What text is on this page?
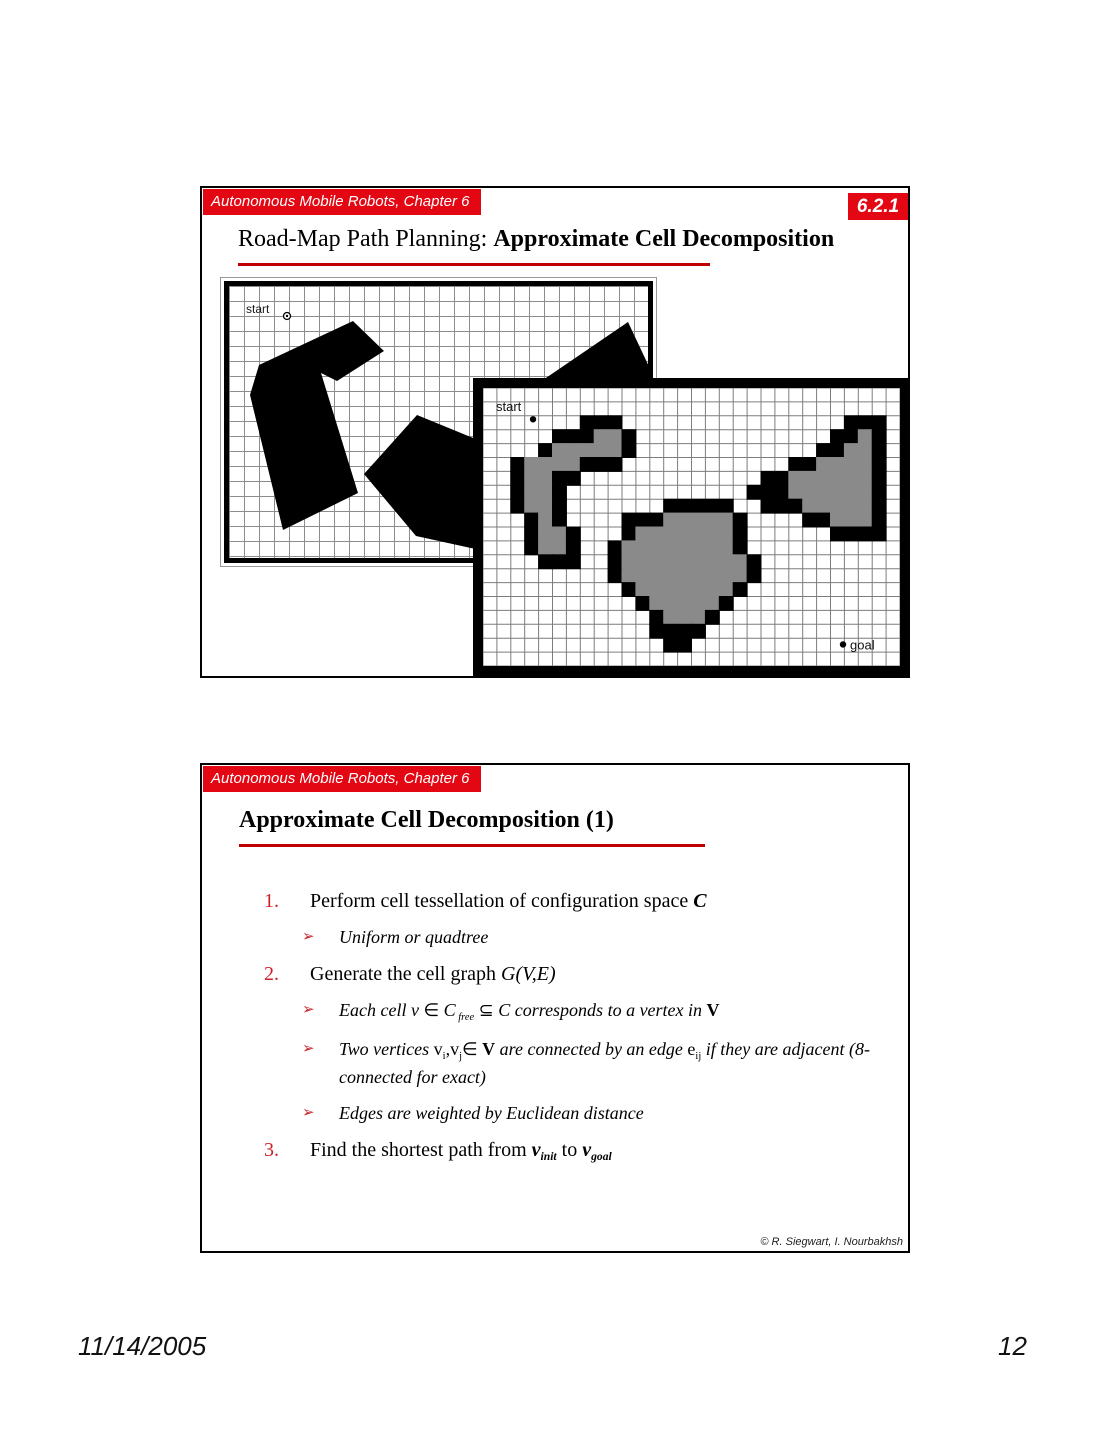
Autonomous Mobile Robots, Chapter 6	6.2.1
Road-Map Path Planning: Approximate Cell Decomposition
start
start
goal
Autonomous Mobile Robots, Chapter 6
Approximate Cell Decomposition (1)
1.	Perform cell tessellation of configuration space C
➢	Uniform or quadtree
2.	Generate the cell graph G(V,E)
➢	Each cell v ∈ C $_{free}$ ⊆ C corresponds to a vertex in V
➢	Two vertices $v_i,v_j\in$ V are connected by an edge $e_{ij}$ if they are adjacent (8-connected for exact)
➢	Edges are weighted by Euclidean distance
3.	Find the shortest path from $v_{init}$ to $v_{goal}$
© R. Siegwart, I. Nourbakhsh
11/14/2005	12
